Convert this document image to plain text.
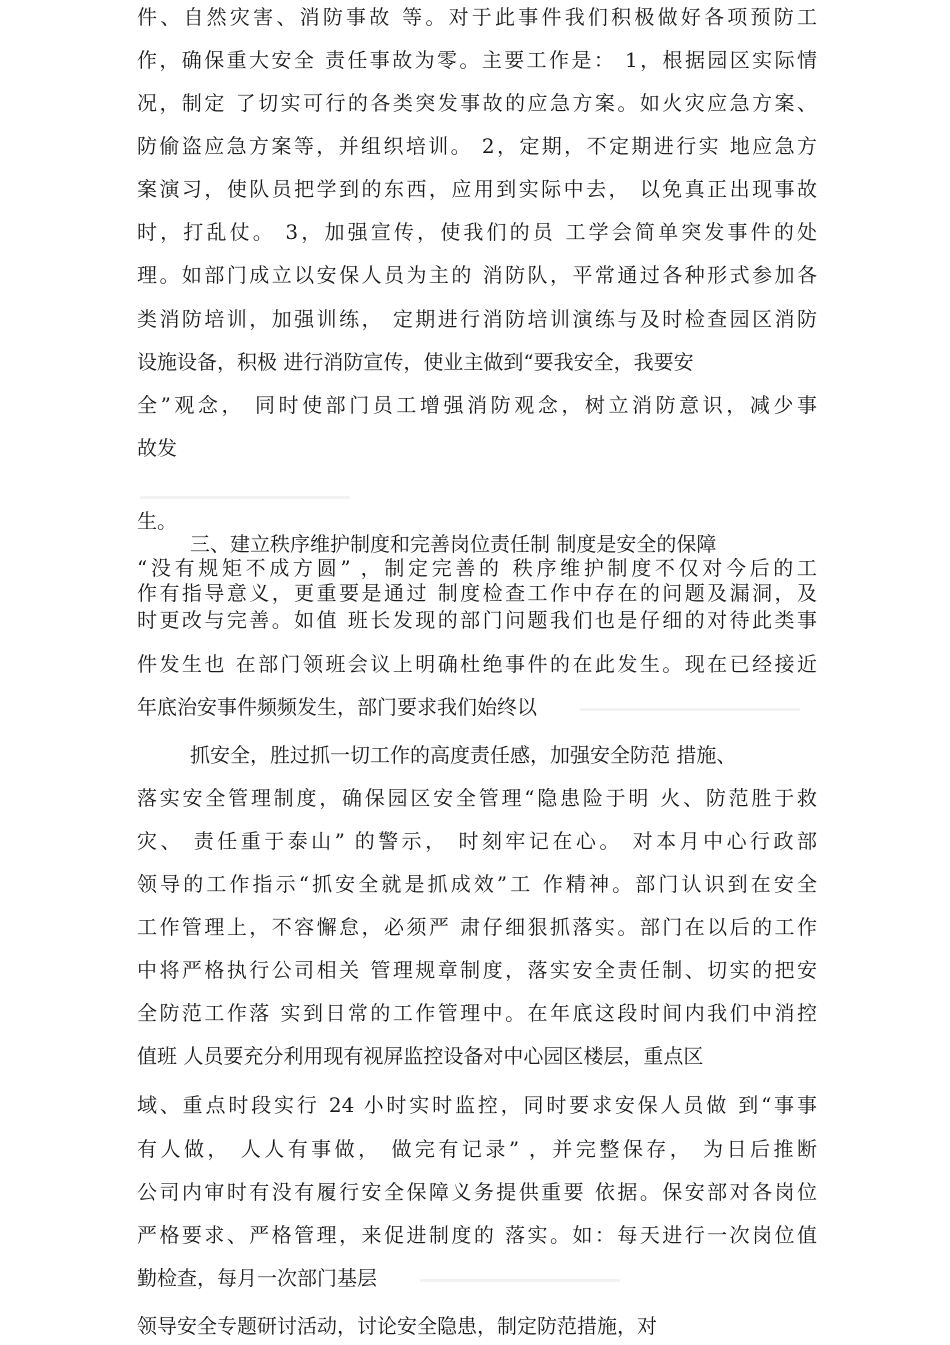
件、自然灾害、消防事故 等。对于此事件我们积极做好各项预防工
作，确保重大安全 责任事故为零。主要工作是： 1，根据园区实际情
况，制定 了切实可行的各类突发事故的应急方案。如火灾应急方案、
防偷盗应急方案等，并组织培训。 2，定期，不定期进行实 地应急方
案演习，使队员把学到的东西，应用到实际中去， 以免真正出现事故
时，打乱仗。 3，加强宣传，使我们的员 工学会简单突发事件的处
理。如部门成立以安保人员为主的 消防队，平常通过各种形式参加各
类消防培训，加强训练， 定期进行消防培训演练与及时检查园区消防
设施设备，积极 进行消防宣传，使业主做到“要我安全，我要安
全”观念， 同时使部门员工增强消防观念，树立消防意识，减少事
故发
生。
三、建立秩序维护制度和完善岗位责任制 制度是安全的保障
“没有规矩不成方圆” ，制定完善的 秩序维护制度不仅对今后的工
作有指导意义，更重要是通过 制度检查工作中存在的问题及漏洞，及
时更改与完善。如值 班长发现的部门问题我们也是仔细的对待此类事
件发生也 在部门领班会议上明确杜绝事件的在此发生。现在已经接近
年底治安事件频频发生，部门要求我们始终以
抓安全，胜过抓一切工作的高度责任感，加强安全防范 措施、
落实安全管理制度，确保园区安全管理“隐患险于明 火、防范胜于救
灾、 责任重于泰山” 的警示， 时刻牢记在心。 对本月中心行政部
领导的工作指示“抓安全就是抓成效”工 作精神。部门认识到在安全
工作管理上，不容懈怠，必须严 肃仔细狠抓落实。部门在以后的工作
中将严格执行公司相关 管理规章制度，落实安全责任制、切实的把安
全防范工作落 实到日常的工作管理中。在年底这段时间内我们中消控
值班 人员要充分利用现有视屏监控设备对中心园区楼层，重点区
域、重点时段实行 24 小时实时监控，同时要求安保人员做 到“事事
有人做， 人人有事做， 做完有记录” ，并完整保存， 为日后推断
公司内审时有没有履行安全保障义务提供重要 依据。保安部对各岗位
严格要求、严格管理，来促进制度的 落实。如：每天进行一次岗位值
勤检查，每月一次部门基层
领导安全专题研讨活动，讨论安全隐患，制定防范措施，对
